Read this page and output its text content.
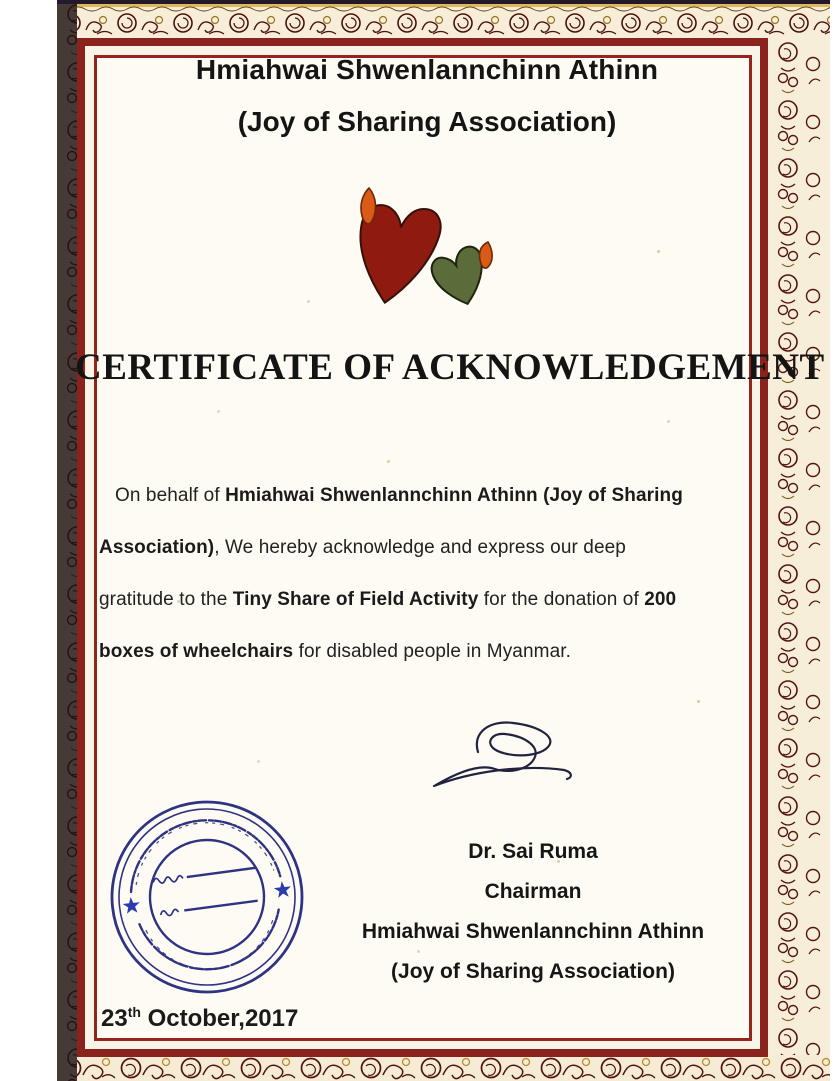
Hmiahwai Shwenlannchinn Athinn
(Joy of Sharing Association)
CERTIFICATE OF ACKNOWLEDGEMENT
On behalf of Hmiahwai Shwenlannchinn Athinn (Joy of Sharing
Association), We hereby acknowledge and express our deep
gratitude to the Tiny Share of Field Activity for the donation of 200
boxes of wheelchairs for disabled people in Myanmar.
Dr. Sai Ruma
Chairman
Hmiahwai Shwenlannchinn Athinn
(Joy of Sharing Association)
23th October,2017
